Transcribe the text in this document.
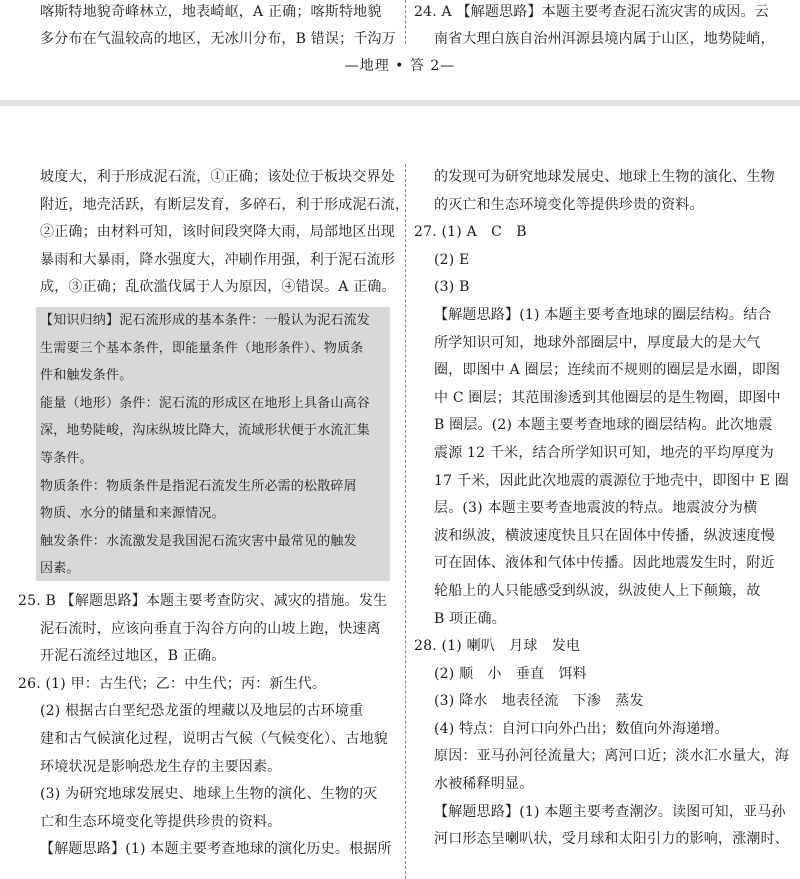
喀斯特地貌奇峰林立，地表崎岖，A 正确；喀斯特地貌
多分布在气温较高的地区，无冰川分布，B 错误；千沟万
24. A 【解题思路】本题主要考查泥石流灾害的成因。云
南省大理白族自治州洱源县境内属于山区，地势陡峭，
—地理 • 答 2—
坡度大，利于形成泥石流，①正确；该处位于板块交界处
附近，地壳活跃，有断层发育，多碎石，利于形成泥石流，
②正确；由材料可知，该时间段突降大雨，局部地区出现
暴雨和大暴雨，降水强度大，冲刷作用强，利于泥石流形
成，③正确；乱砍滥伐属于人为原因，④错误。A 正确。
【知识归纳】泥石流形成的基本条件：一般认为泥石流发
生需要三个基本条件，即能量条件（地形条件）、物质条
件和触发条件。
能量（地形）条件：泥石流的形成区在地形上具备山高谷
深，地势陡峻，沟床纵坡比降大，流域形状便于水流汇集
等条件。
物质条件：物质条件是指泥石流发生所必需的松散碎屑
物质、水分的储量和来源情况。
触发条件：水流激发是我国泥石流灾害中最常见的触发
因素。
25. B 【解题思路】本题主要考查防灾、减灾的措施。发生
泥石流时，应该向垂直于沟谷方向的山坡上跑，快速离
开泥石流经过地区，B 正确。
26. (1) 甲：古生代；乙：中生代；丙：新生代。
(2) 根据古白垩纪恐龙蛋的埋藏以及地层的古环境重
建和古气候演化过程，说明古气候（气候变化）、古地貌
环境状况是影响恐龙生存的主要因素。
(3) 为研究地球发展史、地球上生物的演化、生物的灭
亡和生态环境变化等提供珍贵的资料。
【解题思路】(1) 本题主要考查地球的演化历史。根据所
的发现可为研究地球发展史、地球上生物的演化、生物
的灭亡和生态环境变化等提供珍贵的资料。
27. (1) A　C　B
(2) E
(3) B
【解题思路】(1) 本题主要考查地球的圈层结构。结合
所学知识可知，地球外部圈层中，厚度最大的是大气
圈，即图中 A 圈层；连续而不规则的圈层是水圈，即图
中 C 圈层；其范围渗透到其他圈层的是生物圈，即图中
B 圈层。(2) 本题主要考查地球的圈层结构。此次地震
震源 12 千米，结合所学知识可知，地壳的平均厚度为
17 千米，因此此次地震的震源位于地壳中，即图中 E 圈
层。(3) 本题主要考查地震波的特点。地震波分为横
波和纵波，横波速度快且只在固体中传播，纵波速度慢
可在固体、液体和气体中传播。因此地震发生时，附近
轮船上的人只能感受到纵波，纵波使人上下颠簸，故
B 项正确。
28. (1) 喇叭　月球　发电
(2) 顺　小　垂直　饵料
(3) 降水　地表径流　下渗　蒸发
(4) 特点：自河口向外凸出；数值向外海递增。
原因：亚马孙河径流量大；离河口近；淡水汇水量大，海
水被稀释明显。
【解题思路】(1) 本题主要考查潮汐。读图可知，亚马孙
河口形态呈喇叭状，受月球和太阳引力的影响，涨潮时、
